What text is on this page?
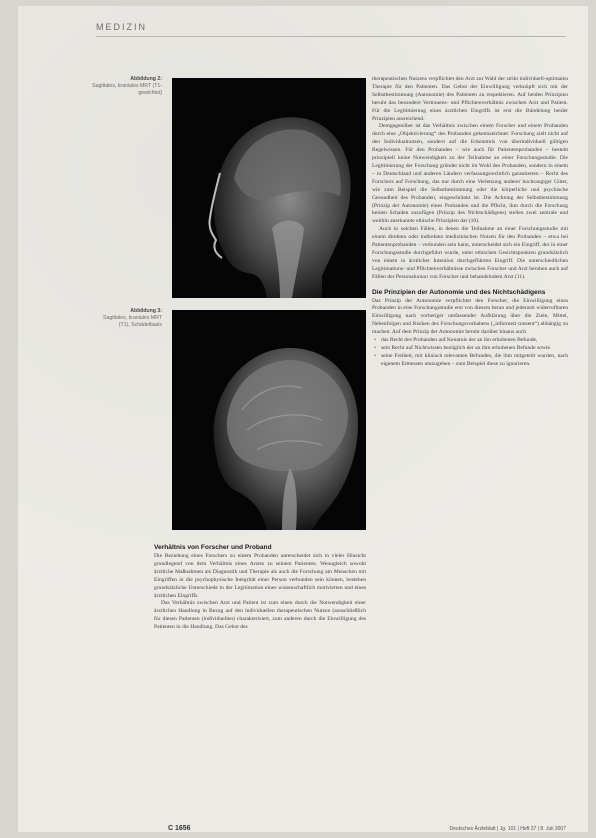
MEDIZIN
Abbildung 2:
Sagittales, kraniales MRT (T1-gewichtet)
Abbildung 3:
Sagittales, kraniales MRT (T1), Schädelbasis

therapeutischen Nutzens verpflichtet den Arzt zur Wahl der strikt individuell-optimalen Therapie für den Patienten. Das Gebot der Einwilligung verknüpft sich mit der Selbstbestimmung (Autonomie) des Patienten zu respektieren. Auf beiden Prinzipien beruht das besondere Vertrauens- und Pflichtenverhältnis zwischen Arzt und Patient. Für die Legitimierung eines ärztlichen Eingriffs ist erst die Bündelung beider Prinzipien ausreichend.

Demgegenüber ist das Verhältnis zwischen einem Forscher und einem Probanden durch eine „Objektivierung“ des Probanden gekennzeichnet: Forschung zielt nicht auf den Individualnutzen, sondern auf die Erkenntnis von überindividuell gültigen Regelwissen. Für den Probanden – wie auch für Patientenprobanden – besteht prinzipiell keine Notwendigkeit zu der Teilnahme an einer Forschungsstudie. Die Legitimierung der Forschung gründet nicht im Wohl des Probanden, sondern in einem – in Deutschland und anderen Ländern verfassungsrechtlich garantierten – Recht des Forschers auf Forschung, das nur durch eine Verletzung anderer hochrangiger Güter, wie zum Beispiel die Selbstbestimmung oder die körperliche und psychische Gesundheit des Probanden, eingeschränkt ist. Die Achtung der Selbstbestimmung (Prinzip der Autonomie) eines Probanden und die Pflicht, ihm durch die Forschung keinen Schaden zuzufügen (Prinzip des Nichtschädigens) stellen zwei zentrale und weithin anerkannte ethische Prinzipien dar (10).

Auch in solchen Fällen, in denen die Teilnahme an einer Forschungsstudie mit einem direkten oder indirekten medizinischen Nutzen für den Probanden – etwa bei Patientenprobanden – verbunden sein kann, unterscheidet sich ein Eingriff, der in einer Forschungsstudie durchgeführt wurde, unter ethischen Gesichtspunkten grundsätzlich von einem in ärztlicher Intention durchgeführten Eingriff. Die unterschiedlichen Legitimations- und Pflichtenverhältnisse zwischen Forscher und Arzt beruhen auch auf Fällen der Personalunion von Forscher und behandelndem Arzt (11).

Die Prinzipien der Autonomie und des Nichtschädigens

Das Prinzip der Autonomie verpflichtet den Forscher, die Einwilligung eines Probanden in eine Forschungsstudie erst von diesem heran und jederzeit widerrufbaren Einwilligung nach vorheriger umfassender Aufklärung über die Ziele, Mittel, Nebenfolgen und Risiken des Forschungsvorhabens („informed consent“) abhängig zu machen. Auf dem Prinzip der Autonomie beruht darüber hinaus auch

• das Recht des Probanden auf Kenntnis der an ihn erhobenen Befunde,
• sein Recht auf Nichtwissen bezüglich der an ihm erhobenen Befunde sowie
• seine Freiheit, mit klinisch relevanten Befunden, die ihm mitgeteilt wurden, nach eigenem Ermessen umzugehen – zum Beispiel diese zu ignorieren.
Verhältnis von Forscher und Proband

Die Beziehung eines Forschers zu einem Probanden unterscheidet sich in vieler Hinsicht grundlegend von dem Verhältnis eines Arztes zu seinem Patienten. Wenngleich sowohl ärztliche Maßnahmen als Diagnostik und Therapie als auch die Forschung am Menschen mit Eingriffen in die psychophysische Integrität einer Person verbunden sein können, bestehen grundsätzliche Unterschiede in der Legitimation eines wissenschaftlich motivierten und eines ärztlichen Eingriffs.

Das Verhältnis zwischen Arzt und Patient ist zum einen durch die Notwendigkeit einer ärztlichen Handlung in Bezug auf den individuellen therapeutischen Nutzen (ausschließlich für diesen Patienten (individuellen) charakterisiert, zum anderen durch die Einwilligung des Patienten in die Handlung. Das Gebot des

C 1656	Deutsches Ärzteblatt | Jg. 101 | Heft 27 | 8. Juli 2007
